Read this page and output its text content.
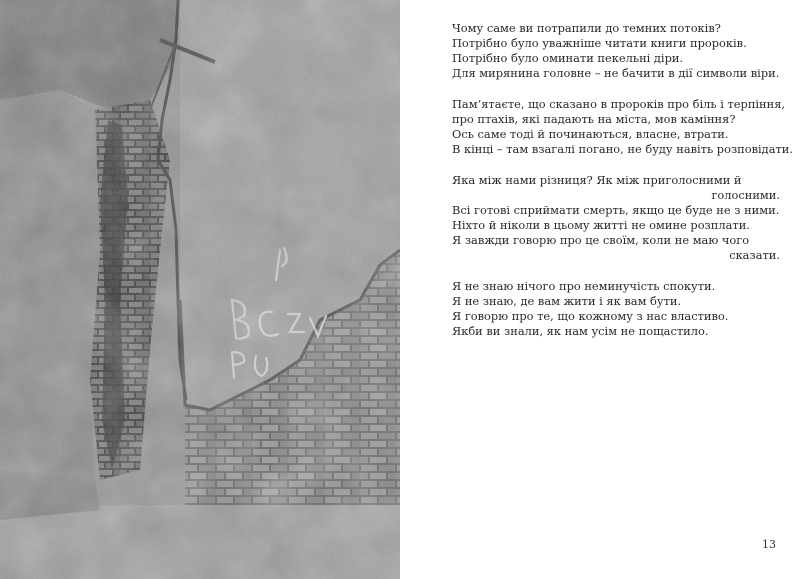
Чому саме ви потрапили до темних потоків?
Потрібно було уважніше читати книги пророків.
Потрібно було оминати пекельні діри.
Для мирянина головне – не бачити в дії символи віри.
Пам’ятаєте, що сказано в пророків про біль і терпіння,
про птахів, які падають на міста, мов каміння?
Ось саме тоді й починаються, власне, втрати.
В кінці – там взагалі погано, не буду навіть розповідати.
Яка між нами різниця? Як між приголосними й
голосними.
Всі готові сприймати смерть, якщо це буде не з ними.
Ніхто й ніколи в цьому житті не омине розплати.
Я завжди говорю про це своїм, коли не маю чого
сказати.
Я не знаю нічого про неминучість спокути.
Я не знаю, де вам жити і як вам бути.
Я говорю про те, що кожному з нас властиво.
Якби ви знали, як нам усім не пощастило.
13
